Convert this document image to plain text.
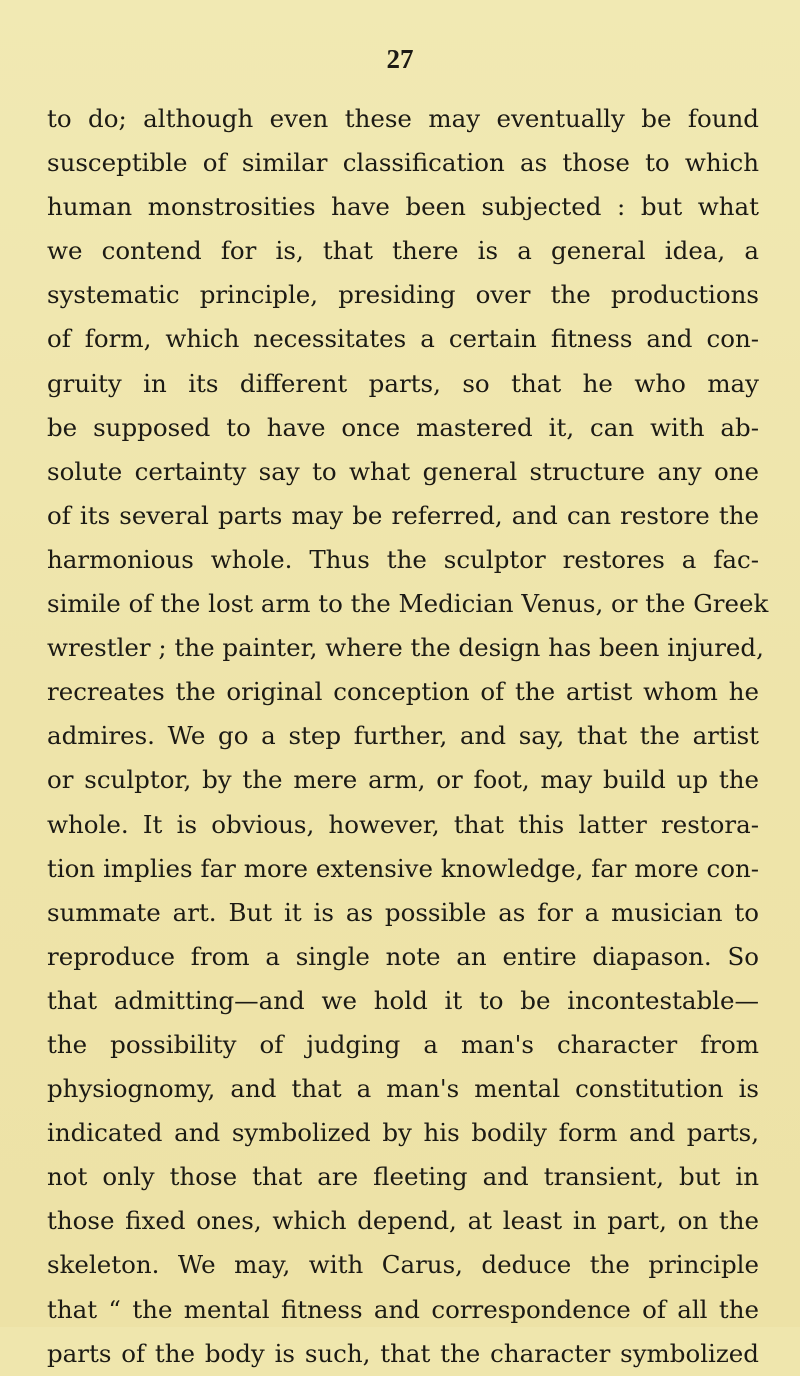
27
to do; although even these may eventually be found
susceptible of similar classification as those to which
human monstrosities have been subjected : but what
we contend for is, that there is a general idea, a
systematic principle, presiding over the productions
of form, which necessitates a certain fitness and con-
gruity in its different parts, so that he who may
be supposed to have once mastered it, can with ab-
solute certainty say to what general structure any one
of its several parts may be referred, and can restore the
harmonious whole. Thus the sculptor restores a fac-
simile of the lost arm to the Medician Venus, or the Greek
wrestler ; the painter, where the design has been injured,
recreates the original conception of the artist whom he
admires. We go a step further, and say, that the artist
or sculptor, by the mere arm, or foot, may build up the
whole. It is obvious, however, that this latter restora-
tion implies far more extensive knowledge, far more con-
summate art. But it is as possible as for a musician to
reproduce from a single note an entire diapason. So
that admitting—and we hold it to be incontestable—
the possibility of judging a man's character from
physiognomy, and that a man's mental constitution is
indicated and symbolized by his bodily form and parts,
not only those that are fleeting and transient, but in
those fixed ones, which depend, at least in part, on the
skeleton. We may, with Carus, deduce the principle
that “ the mental fitness and correspondence of all the
parts of the body is such, that the character symbolized
